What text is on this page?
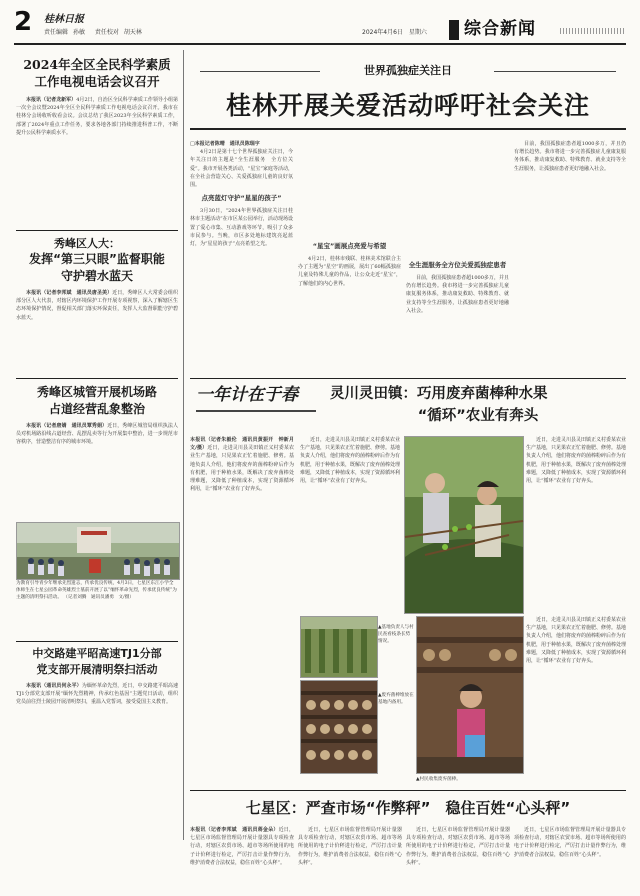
2 桂林日报
责任编辑 孙敏 责任校对 胡天林	2024年4月6日 星期六 综合新闻
2024年全区全民科学素质
工作电视电话会议召开

本报讯（记者龙新军）4月2日，自治区全民科学素质工作领导小组第一次全会议暨2024年全区全民科学素质工作电视电话会议召开。我市在桂林分会场收听收看会议。会议总结了我区2023年全民科学素质工作，部署了2024年重点工作任务，要求各地各部门持续推进科普工作，不断提升公民科学素质水平。

秀峰区人大：
发挥“第三只眼”监督职能
守护碧水蓝天

本报讯（记者李邦斌　通讯员唐圣美）近日，秀峰区人大常委会组织部分区人大代表，对辖区内环境保护工作开展专项视察，深入了解辖区生态环境保护情况，督促相关部门落实环保责任，发挥人大监督职能守护碧水蓝天。

秀峰区城管开展机场路
占道经营乱象整治

本报讯（记者唐婧　通讯员覃秀娟）近日，秀峰区城管局组织执法人员对机场路沿线占道经营、乱摆乱卖等行为开展集中整治，进一步规范市容秩序，营造整洁有序的城市环境。

为教育引导青少年继承先烈遗志，传承优良传统，4月3日，七星区东江小学全体师生在七星公园革命英雄烈士墓前开展了以“缅怀革命先烈，传承优良传统”为主题的清明祭扫活动。 （记者刘腾　通讯员潘勇　文/摄）
中交路建平昭高速TJ1分部
党支部开展清明祭扫活动

本报讯（通讯员何永平）为缅怀革命先烈，近日，中交路建平昭高速TJ1分部党支部开展“缅怀先烈精神，传承红色基因”主题党日活动，组织党员前往烈士陵园开展清明祭扫，重温入党誓词，接受爱国主义教育。

世界孤独症关注日
桂林开展关爱活动呼吁社会关注

□本报记者陈晴　通讯员陈瑞宇

4月2日是第十七个世界孤独症关注日，今年关注日的主题是“全生涯服务　全方位关爱”。我市开展各类活动，“星宝”家庭等活动，在全社会营造关心、关爱孤独症儿童的良好氛围。

点亮蓝灯守护“星星的孩子”

3月30日，“2024年世界孤独症关注日桂林市主题活动”在市区某公园举行，活动现场设置了爱心市集、互动游戏等环节，吸引了众多市民参与。当晚，市区多处地标建筑亮起蓝灯，为“星星的孩子”点亮希望之光。	“星宝”画展点亮爱与希望

4月2日，桂林市残联、桂林美术馆联合主办了主题为“星空”的画展，展出了60幅孤独症儿童及特殊儿童的作品，让公众走近“星宝”，了解他们的内心世界。

全生涯服务全方位关爱孤独症患者

目前，我国孤独症患者超1000多万，并且仍有增长趋势。我市将进一步完善孤独症儿童康复服务体系，推动康复救助、特殊教育、就业支持等全生涯服务，让孤独症患者更好地融入社会。

目前，我国孤独症患者超1000多万，并且仍有增长趋势。我市将进一步完善孤独症儿童康复服务体系，推动康复救助、特殊教育、就业支持等全生涯服务，让孤独症患者更好地融入社会。

一年计在于春 灵川灵田镇：巧用废弃菌棒种水果
“循环”农业有奔头

本报讯（记者朱毅伦　通讯员黄振开　钟新月　文/摄）近日，走进灵川县灵田镇正义村委某农业生产基地，只见果农正忙着施肥、修剪。基地负责人介绍，他们将废弃的菌棒粉碎后作为有机肥，用于种植水果，既解决了废弃菌棒处理难题，又降低了种植成本，实现了资源循环利用，让“循环”农业有了好奔头。

近日，走进灵川县灵田镇正义村委某农业生产基地，只见果农正忙着施肥、修剪。基地负责人介绍，他们将废弃的菌棒粉碎后作为有机肥，用于种植水果，既解决了废弃菌棒处理难题，又降低了种植成本，实现了资源循环利用，让“循环”农业有了好奔头。

近日，走进灵川县灵田镇正义村委某农业生产基地，只见果农正忙着施肥、修剪。基地负责人介绍，他们将废弃的菌棒粉碎后作为有机肥，用于种植水果，既解决了废弃菌棒处理难题，又降低了种植成本，实现了资源循环利用，让“循环”农业有了好奔头。

近日，走进灵川县灵田镇正义村委某农业生产基地，只见果农正忙着施肥、修剪。基地负责人介绍，他们将废弃的菌棒粉碎后作为有机肥，用于种植水果，既解决了废弃菌棒处理难题，又降低了种植成本，实现了资源循环利用，让“循环”农业有了好奔头。

▲基地负责人与村民查看枝条长势情况。
▲废弃菌棒堆放在基地内备用。
▲村民收集废弃菌棒。
七星区：严查市场“作弊秤”　稳住百姓“心头秤”

本报讯（记者李邦斌　通讯员蒋金朵）近日，七星区市场监督管理局开展计量器具专项检查行动，对辖区农贸市场、超市等场所使用的电子计价秤进行检定，严厉打击计量作弊行为，维护消费者合法权益，稳住百姓“心头秤”。

近日，七星区市场监督管理局开展计量器具专项检查行动，对辖区农贸市场、超市等场所使用的电子计价秤进行检定，严厉打击计量作弊行为，维护消费者合法权益，稳住百姓“心头秤”。

近日，七星区市场监督管理局开展计量器具专项检查行动，对辖区农贸市场、超市等场所使用的电子计价秤进行检定，严厉打击计量作弊行为，维护消费者合法权益，稳住百姓“心头秤”。

近日，七星区市场监督管理局开展计量器具专项检查行动，对辖区农贸市场、超市等场所使用的电子计价秤进行检定，严厉打击计量作弊行为，维护消费者合法权益，稳住百姓“心头秤”。
